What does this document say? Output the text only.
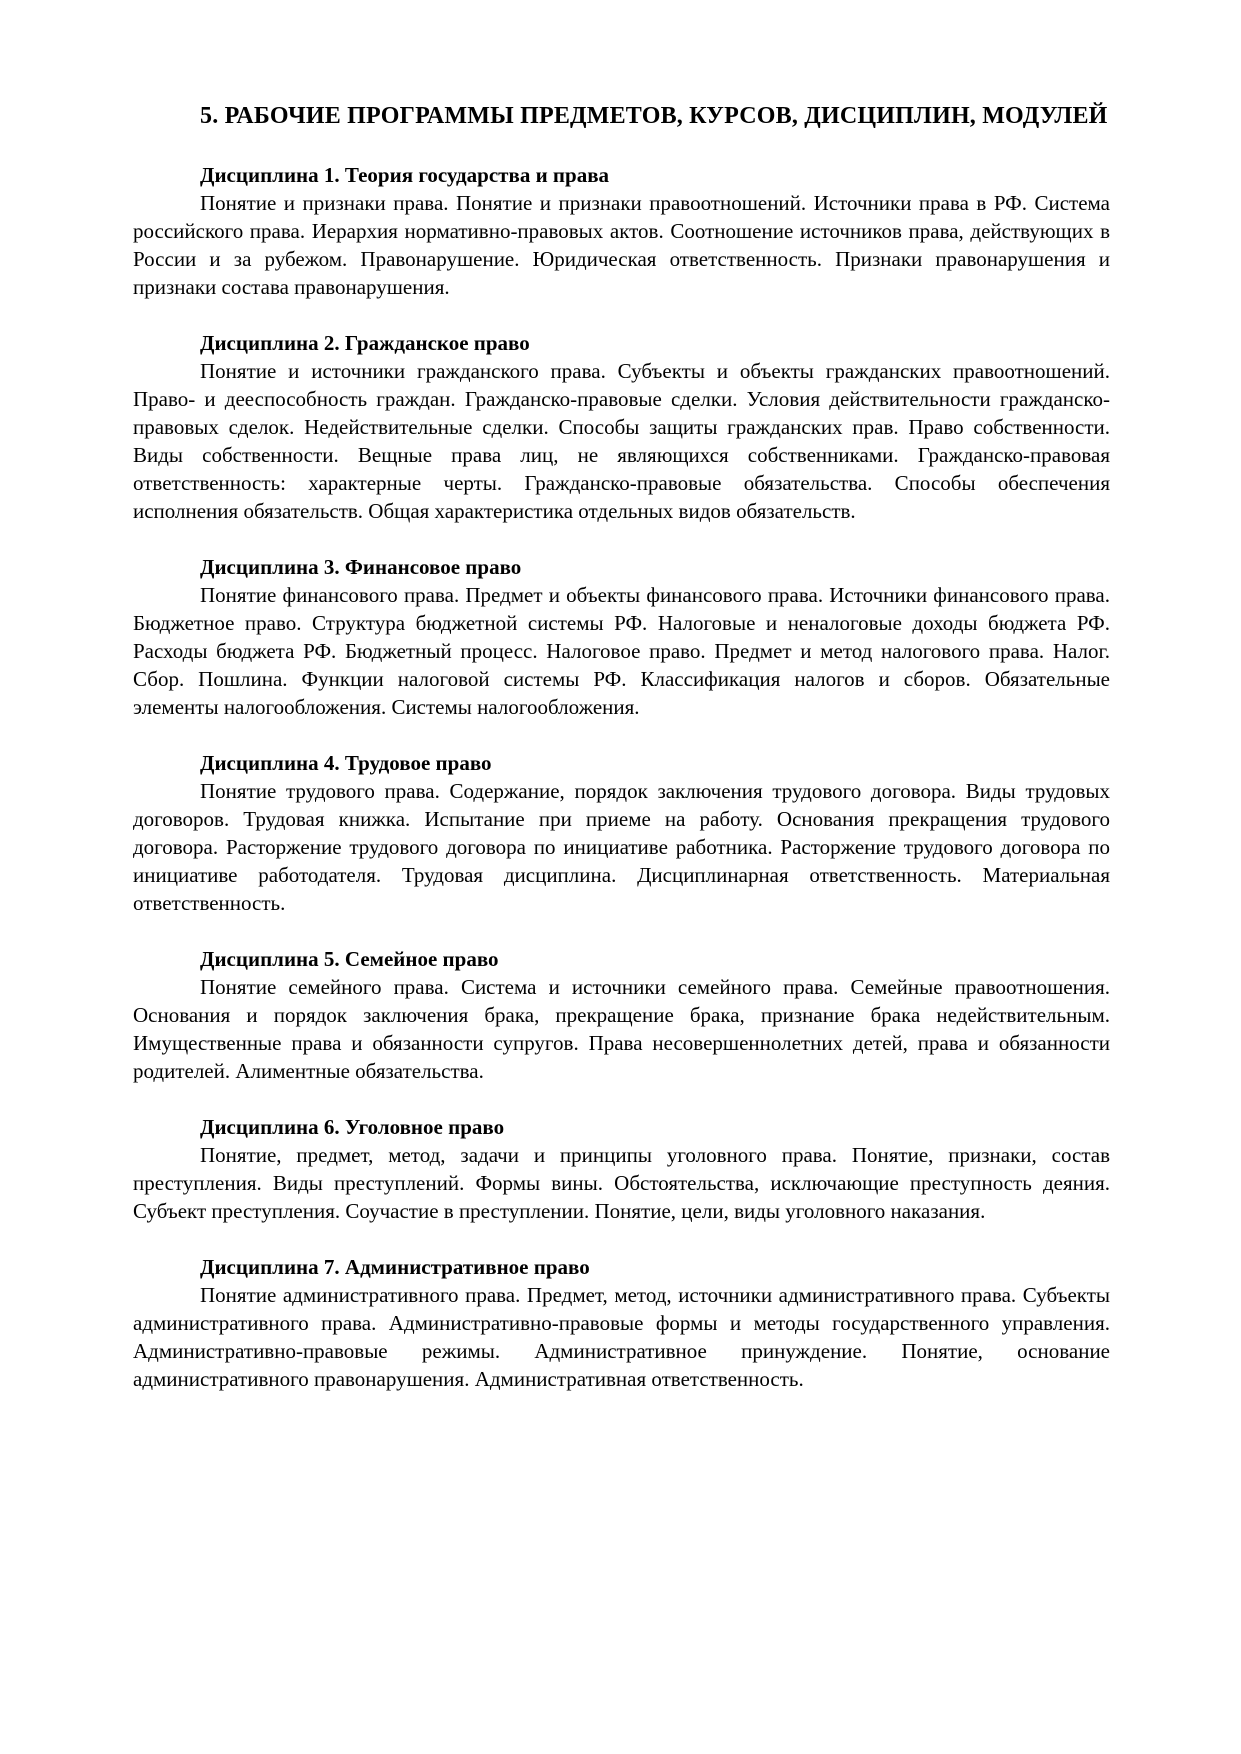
5. РАБОЧИЕ ПРОГРАММЫ ПРЕДМЕТОВ, КУРСОВ, ДИСЦИПЛИН, МОДУЛЕЙ
Дисциплина 1. Теория государства и права

Понятие и признаки права. Понятие и признаки правоотношений. Источники права в РФ. Система российского права. Иерархия нормативно-правовых актов. Соотношение источников права, действующих в России и за рубежом. Правонарушение. Юридическая ответственность. Признаки правонарушения и признаки состава правонарушения.

Дисциплина 2. Гражданское право

Понятие и источники гражданского права. Субъекты и объекты гражданских правоотношений. Право- и дееспособность граждан. Гражданско-правовые сделки. Условия действительности гражданско-правовых сделок. Недействительные сделки. Способы защиты гражданских прав. Право собственности. Виды собственности. Вещные права лиц, не являющихся собственниками. Гражданско-правовая ответственность: характерные черты. Гражданско-правовые обязательства. Способы обеспечения исполнения обязательств. Общая характеристика отдельных видов обязательств.

Дисциплина 3. Финансовое право

Понятие финансового права. Предмет и объекты финансового права. Источники финансового права. Бюджетное право. Структура бюджетной системы РФ. Налоговые и неналоговые доходы бюджета РФ. Расходы бюджета РФ. Бюджетный процесс. Налоговое право. Предмет и метод налогового права. Налог. Сбор. Пошлина. Функции налоговой системы РФ. Классификация налогов и сборов. Обязательные элементы налогообложения. Системы налогообложения.

Дисциплина 4. Трудовое право

Понятие трудового права. Содержание, порядок заключения трудового договора. Виды трудовых договоров. Трудовая книжка. Испытание при приеме на работу. Основания прекращения трудового договора. Расторжение трудового договора по инициативе работника. Расторжение трудового договора по инициативе работодателя. Трудовая дисциплина. Дисциплинарная ответственность. Материальная ответственность.

Дисциплина 5. Семейное право

Понятие семейного права. Система и источники семейного права. Семейные правоотношения. Основания и порядок заключения брака, прекращение брака, признание брака недействительным. Имущественные права и обязанности супругов. Права несовершеннолетних детей, права и обязанности родителей. Алиментные обязательства.

Дисциплина 6. Уголовное право

Понятие, предмет, метод, задачи и принципы уголовного права. Понятие, признаки, состав преступления. Виды преступлений. Формы вины. Обстоятельства, исключающие преступность деяния. Субъект преступления. Соучастие в преступлении. Понятие, цели, виды уголовного наказания.

Дисциплина 7. Административное право

Понятие административного права. Предмет, метод, источники административного права. Субъекты административного права. Административно-правовые формы и методы государственного управления. Административно-правовые режимы. Административное принуждение. Понятие, основание административного правонарушения. Административная ответственность.
